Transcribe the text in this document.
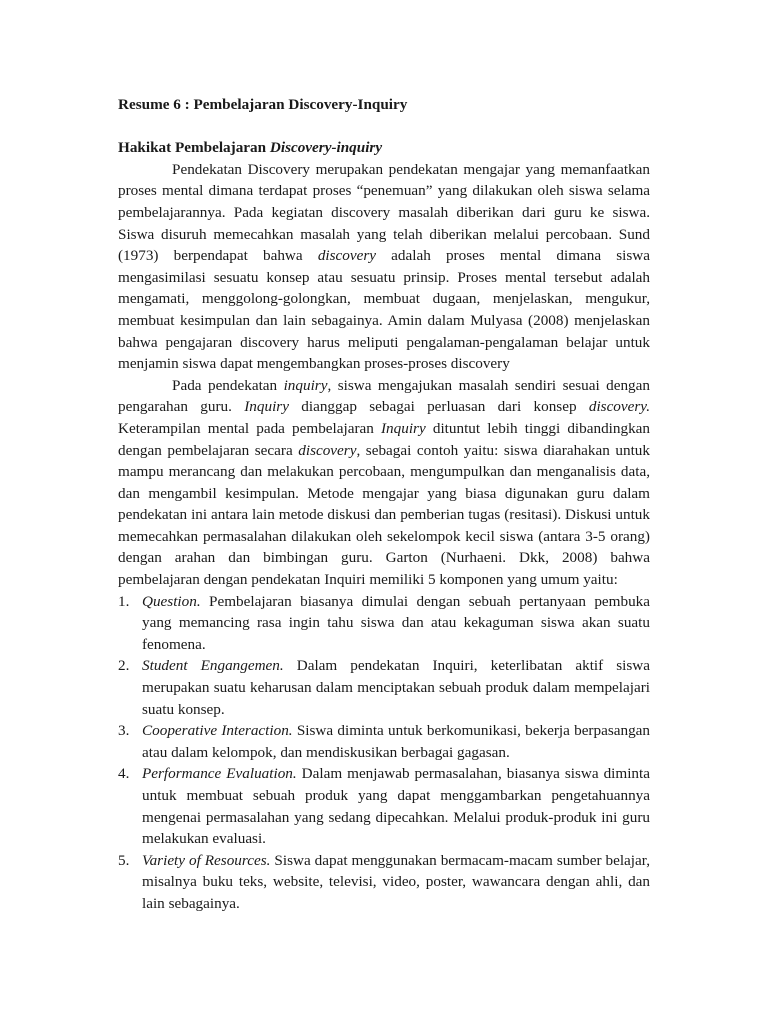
Resume 6 : Pembelajaran Discovery-Inquiry

Hakikat Pembelajaran Discovery-inquiry

Pendekatan Discovery merupakan pendekatan mengajar yang memanfaatkan proses mental dimana terdapat proses “penemuan” yang dilakukan oleh siswa selama pembelajarannya. Pada kegiatan discovery masalah diberikan dari guru ke siswa. Siswa disuruh memecahkan masalah yang telah diberikan melalui percobaan. Sund (1973) berpendapat bahwa discovery adalah proses mental dimana siswa mengasimilasi sesuatu konsep atau sesuatu prinsip. Proses mental tersebut adalah mengamati, menggolong-golongkan, membuat dugaan, menjelaskan, mengukur, membuat kesimpulan dan lain sebagainya. Amin dalam Mulyasa (2008) menjelaskan bahwa pengajaran discovery harus meliputi pengalaman-pengalaman belajar untuk menjamin siswa dapat mengembangkan proses-proses discovery

Pada pendekatan inquiry, siswa mengajukan masalah sendiri sesuai dengan pengarahan guru. Inquiry dianggap sebagai perluasan dari konsep discovery. Keterampilan mental pada pembelajaran Inquiry dituntut lebih tinggi dibandingkan dengan pembelajaran secara discovery, sebagai contoh yaitu: siswa diarahakan untuk mampu merancang dan melakukan percobaan, mengumpulkan dan menganalisis data, dan mengambil kesimpulan. Metode mengajar yang biasa digunakan guru dalam pendekatan ini antara lain metode diskusi dan pemberian tugas (resitasi). Diskusi untuk memecahkan permasalahan dilakukan oleh sekelompok kecil siswa (antara 3-5 orang) dengan arahan dan bimbingan guru. Garton (Nurhaeni. Dkk, 2008) bahwa pembelajaran dengan pendekatan Inquiri memiliki 5 komponen yang umum yaitu:

1. Question. Pembelajaran biasanya dimulai dengan sebuah pertanyaan pembuka yang memancing rasa ingin tahu siswa dan atau kekaguman siswa akan suatu fenomena.
2. Student Engangemen. Dalam pendekatan Inquiri, keterlibatan aktif siswa merupakan suatu keharusan dalam menciptakan sebuah produk dalam mempelajari suatu konsep.
3. Cooperative Interaction. Siswa diminta untuk berkomunikasi, bekerja berpasangan atau dalam kelompok, dan mendiskusikan berbagai gagasan.
4. Performance Evaluation. Dalam menjawab permasalahan, biasanya siswa diminta untuk membuat sebuah produk yang dapat menggambarkan pengetahuannya mengenai permasalahan yang sedang dipecahkan. Melalui produk-produk ini guru melakukan evaluasi.
5. Variety of Resources. Siswa dapat menggunakan bermacam-macam sumber belajar, misalnya buku teks, website, televisi, video, poster, wawancara dengan ahli, dan lain sebagainya.
